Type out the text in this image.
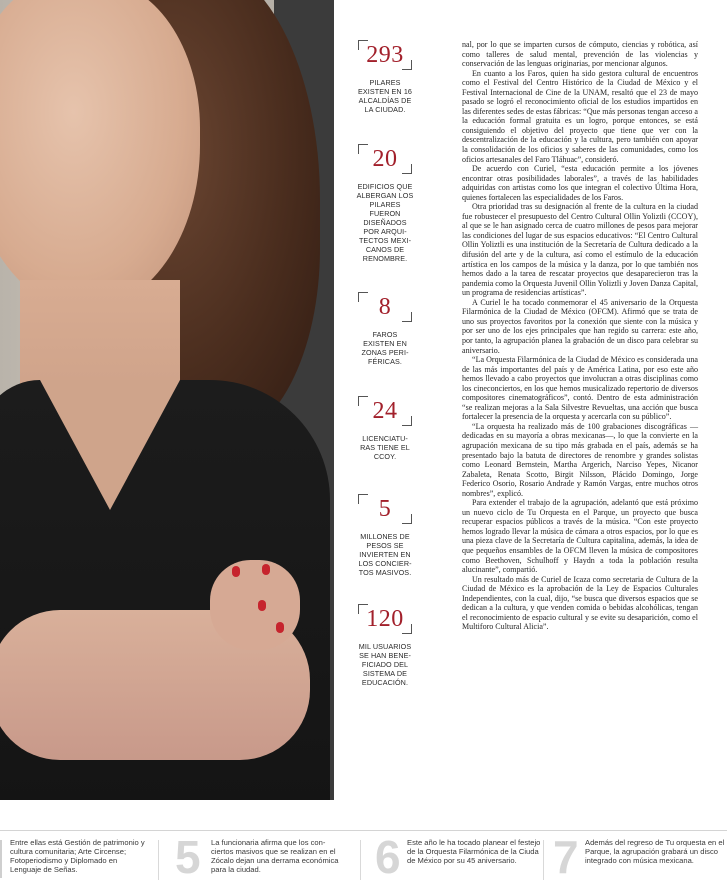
293
PILARES EXISTEN EN 16 ALCALDÍAS DE LA CIUDAD.
20
EDIFICIOS QUE ALBERGAN LOS PILARES FUERON DISEÑADOS POR ARQUITECTOS MEXICANOS DE RENOMBRE.
8
FAROS EXISTEN EN ZONAS PERIFÉRICAS.
24
LICENCIATURAS TIENE EL CCOY.
5
MILLONES DE PESOS SE INVIERTEN EN LOS CONCIERTOS MASIVOS.
120
MIL USUARIOS SE HAN BENEFICIADO DEL SISTEMA DE EDUCACIÓN.

nal, por lo que se imparten cursos de cómputo, ciencias y robótica, así como talleres de salud mental, prevención de las violencias y conservación de las lenguas originarias, por mencionar algunos.

En cuanto a los Faros, quien ha sido gestora cultural de encuentros como el Festival del Centro Histórico de la Ciudad de México y el Festival Internacional de Cine de la UNAM, resaltó que el 23 de mayo pasado se logró el reconocimiento oficial de los estudios impartidos en las diferentes sedes de estas fábricas: “Que más personas tengan acceso a la educación formal gratuita es un logro, porque entonces, se está consiguiendo el objetivo del proyecto que tiene que ver con la descentralización de la educación y la cultura, pero también con apoyar la consolidación de los oficios y saberes de las comunidades, como los oficios artesanales del Faro Tláhuac”, consideró.

De acuerdo con Curiel, “esta educación permite a los jóvenes encontrar otras posibilidades laborales”, a través de las habilidades adquiridas con artistas como los que integran el colectivo Última Hora, quienes fortalecen las especialidades de los Faros.

Otra prioridad tras su designación al frente de la cultura en la ciudad fue robustecer el presupuesto del Centro Cultural Ollin Yoliztli (CCOY), al que se le han asignado cerca de cuatro millones de pesos para mejorar las condiciones del lugar de sus espacios educativos: “El Centro Cultural Ollin Yoliztli es una institución de la Secretaría de Cultura dedicado a la difusión del arte y de la cultura, así como el estímulo de la educación artística en los campos de la música y la danza, por lo que también nos hemos dado a la tarea de rescatar proyectos que desaparecieron tras la pandemia como la Orquesta Juvenil Ollin Yoliztli y Joven Danza Capital, un programa de residencias artísticas”.

A Curiel le ha tocado conmemorar el 45 aniversario de la Orquesta Filarmónica de la Ciudad de México (OFCM). Afirmó que se trata de uno sus proyectos favoritos por la conexión que siente con la música y por ser uno de los ejes principales que han regido su carrera: este año, por tanto, la agrupación planea la grabación de un disco para celebrar su aniversario.

“La Orquesta Filarmónica de la Ciudad de México es considerada una de las más importantes del país y de América Latina, por eso este año hemos llevado a cabo proyectos que involucran a otras disciplinas como los cineconciertos, en los que hemos musicalizado repertorio de diversos compositores cinematográficos”, contó. Dentro de esta administración “se realizan mejoras a la Sala Silvestre Revueltas, una acción que busca fortalecer la presencia de la orquesta y acercarla con su público”.

“La orquesta ha realizado más de 100 grabaciones discográficas —dedicadas en su mayoría a obras mexicanas—, lo que la convierte en la agrupación mexicana de su tipo más grabada en el país, además se ha presentado bajo la batuta de directores de renombre y grandes solistas como Leonard Bernstein, Martha Argerich, Narciso Yepes, Nicanor Zabaleta, Renata Scotto, Birgit Nilsson, Plácido Domingo, Jorge Federico Osorio, Rosario Andrade y Ramón Vargas, entre muchos otros nombres”, explicó.

Para extender el trabajo de la agrupación, adelantó que está próximo un nuevo ciclo de Tu Orquesta en el Parque, un proyecto que busca recuperar espacios públicos a través de la música. “Con este proyecto hemos logrado llevar la música de cámara a otros espacios, por lo que es una pieza clave de la Secretaría de Cultura capitalina, además, la idea de que pequeños ensambles de la OFCM lleven la música de compositores como Beethoven, Schulhoff y Haydn a toda la población resulta alucinante”, compartió.

Un resultado más de Curiel de Icaza como secretaria de Cultura de la Ciudad de México es la aprobación de la Ley de Espacios Culturales Independientes, con la cual, dijo, “se busca que diversos espacios que se dedican a la cultura, y que venden comida o bebidas alcohólicas, tengan el reconocimiento de espacio cultural y se evite su desaparición, como el Multiforo Cultural Alicia”.

Entre ellas está Gestión de patrimonio y cultura comunitaria; Arte Circense; Fotoperiodismo y Diplomado en Lenguaje de Señas.	5 La funcionaria afirma que los conciertos masivos que se realizan en el Zócalo dejan una derrama económica para la ciudad.	6 Este año le ha tocado planear el festejo de la Orquesta Filarmónica de la Ciuda de México por su 45 aniversario. 7 Además del regreso de Tu orquesta en el Parque, la agrupación grabará un disco integrado con música mexicana.
